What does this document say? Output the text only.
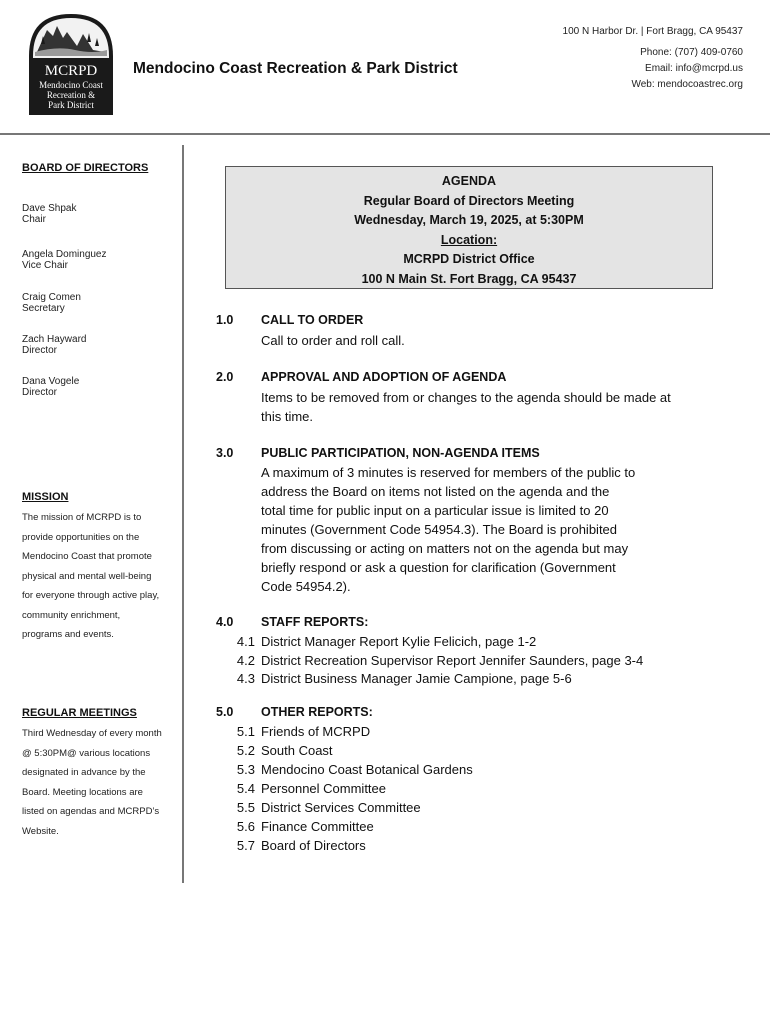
MCRPD
Mendocino Coast
Recreation &
Park District
Mendocino Coast Recreation & Park District
100 N Harbor Dr. | Fort Bragg, CA 95437
Phone: (707) 409-0760
Email: info@mcrpd.us
Web: mendocoastrec.org
BOARD OF DIRECTORS
Dave Shpak
Chair
Angela Dominguez
Vice Chair
Craig Comen
Secretary
Zach Hayward
Director
Dana Vogele
Director
MISSION
The mission of MCRPD is to
provide opportunities on the
Mendocino Coast that promote
physical and mental well-being
for everyone through active play,
community enrichment,
programs and events.
REGULAR MEETINGS
Third Wednesday of every month
@ 5:30PM@ various locations
designated in advance by the
Board. Meeting locations are
listed on agendas and MCRPD’s
Website.
AGENDA
Regular Board of Directors Meeting
Wednesday, March 19, 2025, at 5:30PM
Location:
MCRPD District Office
100 N Main St. Fort Bragg, CA 95437
1.0 CALL TO ORDER
Call to order and roll call.
2.0 APPROVAL AND ADOPTION OF AGENDA
Items to be removed from or changes to the agenda should be made at
this time.
3.0 PUBLIC PARTICIPATION, NON-AGENDA ITEMS
A maximum of 3 minutes is reserved for members of the public to
address the Board on items not listed on the agenda and the
total time for public input on a particular issue is limited to 20
minutes (Government Code 54954.3). The Board is prohibited
from discussing or acting on matters not on the agenda but may
briefly respond or ask a question for clarification (Government
Code 54954.2).
4.0 STAFF REPORTS:
4.1 District Manager Report Kylie Felicich, page 1-2
4.2 District Recreation Supervisor Report Jennifer Saunders, page 3-4
4.3 District Business Manager Jamie Campione, page 5-6
5.0 OTHER REPORTS:
5.1 Friends of MCRPD
5.2 South Coast
5.3 Mendocino Coast Botanical Gardens
5.4 Personnel Committee
5.5 District Services Committee
5.6 Finance Committee
5.7 Board of Directors
